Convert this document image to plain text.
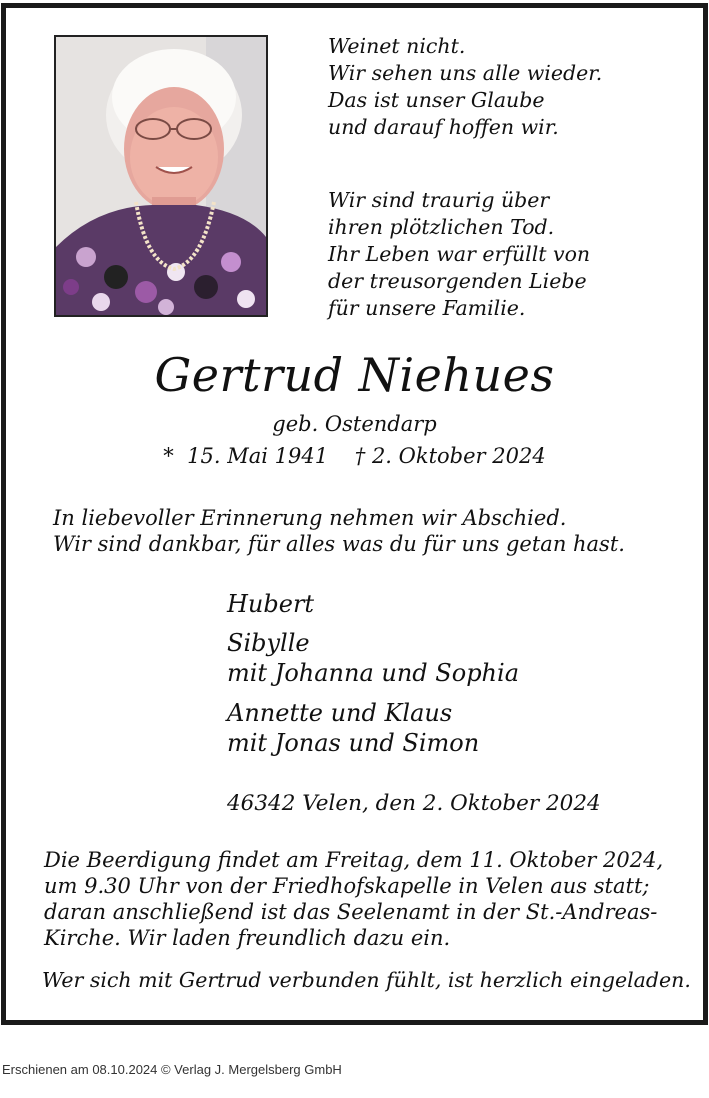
Weinet nicht.
Wir sehen uns alle wieder.
Das ist unser Glaube
und darauf hoffen wir.
Wir sind traurig über
ihren plötzlichen Tod.
Ihr Leben war erfüllt von
der treusorgenden Liebe
für unsere Familie.
Gertrud Niehues
geb. Ostendarp
*  15. Mai 1941    † 2. Oktober 2024
In liebevoller Erinnerung nehmen wir Abschied.
Wir sind dankbar, für alles was du für uns getan hast.
Hubert
Sibylle
mit Johanna und Sophia
Annette und Klaus
mit Jonas und Simon
46342 Velen, den 2. Oktober 2024
Die Beerdigung findet am Freitag, dem 11. Oktober 2024,
um 9.30 Uhr von der Friedhofskapelle in Velen aus statt;
daran anschließend ist das Seelenamt in der St.-Andreas-
Kirche. Wir laden freundlich dazu ein.
Wer sich mit Gertrud verbunden fühlt, ist herzlich eingeladen.
Erschienen am 08.10.2024 © Verlag J. Mergelsberg GmbH
